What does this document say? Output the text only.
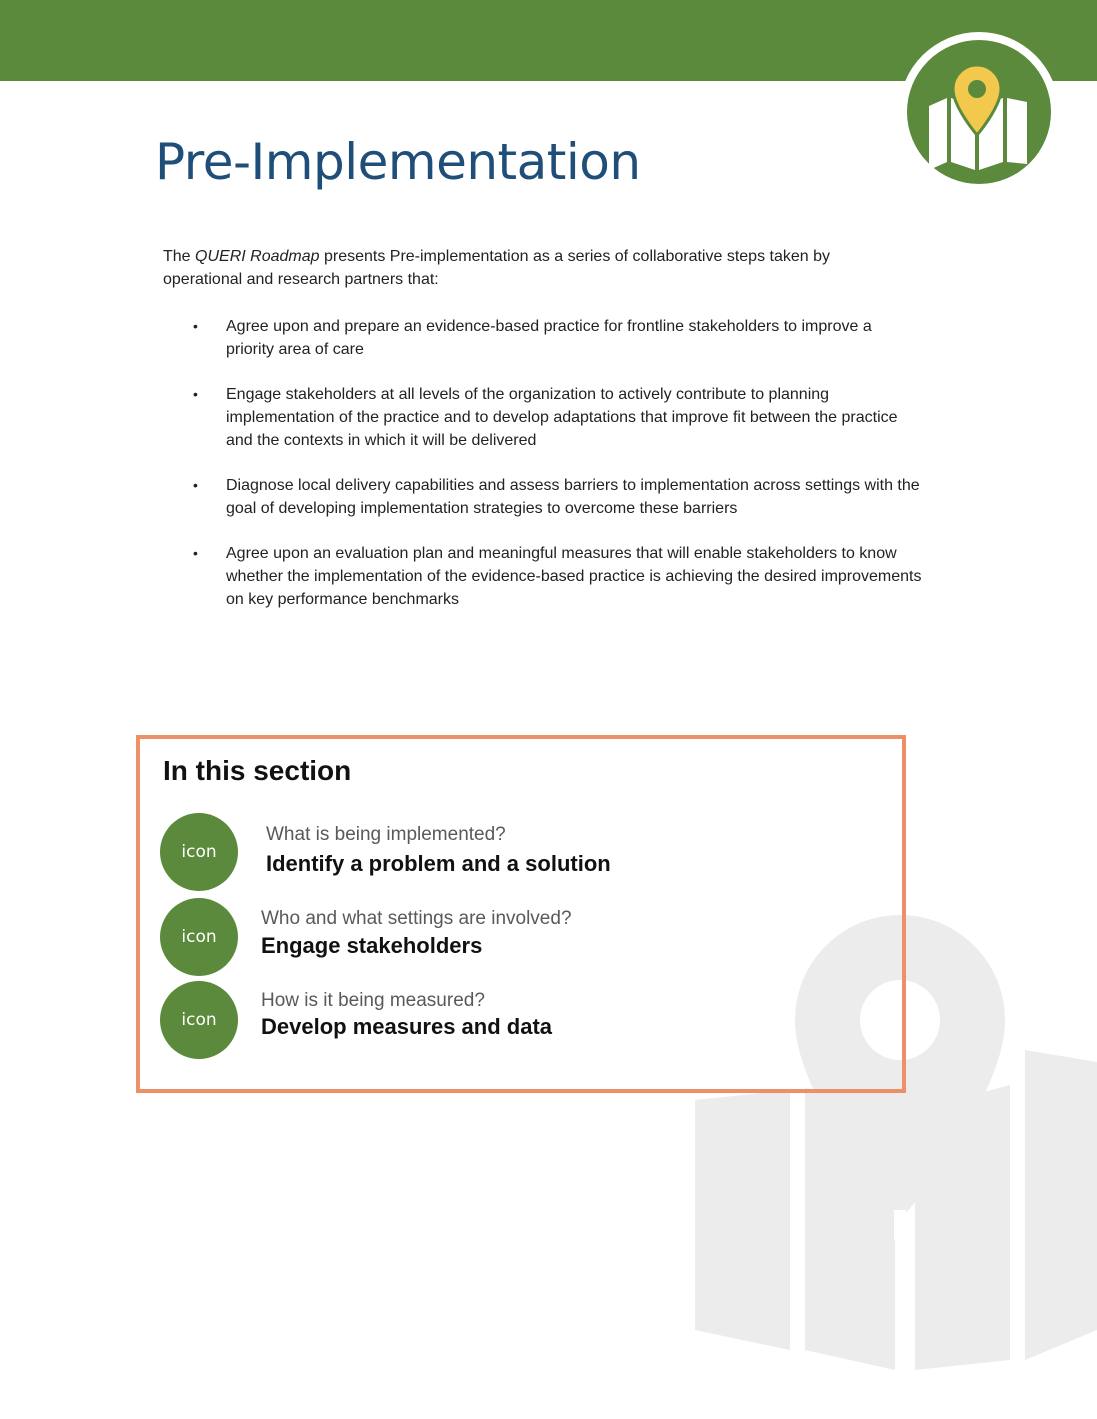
Pre-Implementation

The QUERI Roadmap presents Pre-implementation as a series of collaborative steps taken by operational and research partners that:

• Agree upon and prepare an evidence-based practice for frontline stakeholders to improve a priority area of care
• Engage stakeholders at all levels of the organization to actively contribute to planning implementation of the practice and to develop adaptations that improve fit between the practice and the contexts in which it will be delivered
• Diagnose local delivery capabilities and assess barriers to implementation across settings with the goal of developing implementation strategies to overcome these barriers
• Agree upon an evaluation plan and meaningful measures that will enable stakeholders to know whether the implementation of the evidence-based practice is achieving the desired improvements on key performance benchmarks
In this section
icon
What is being implemented?
Identify a problem and a solution
icon
Who and what settings are involved?
Engage stakeholders
icon
How is it being measured?
Develop measures and data
